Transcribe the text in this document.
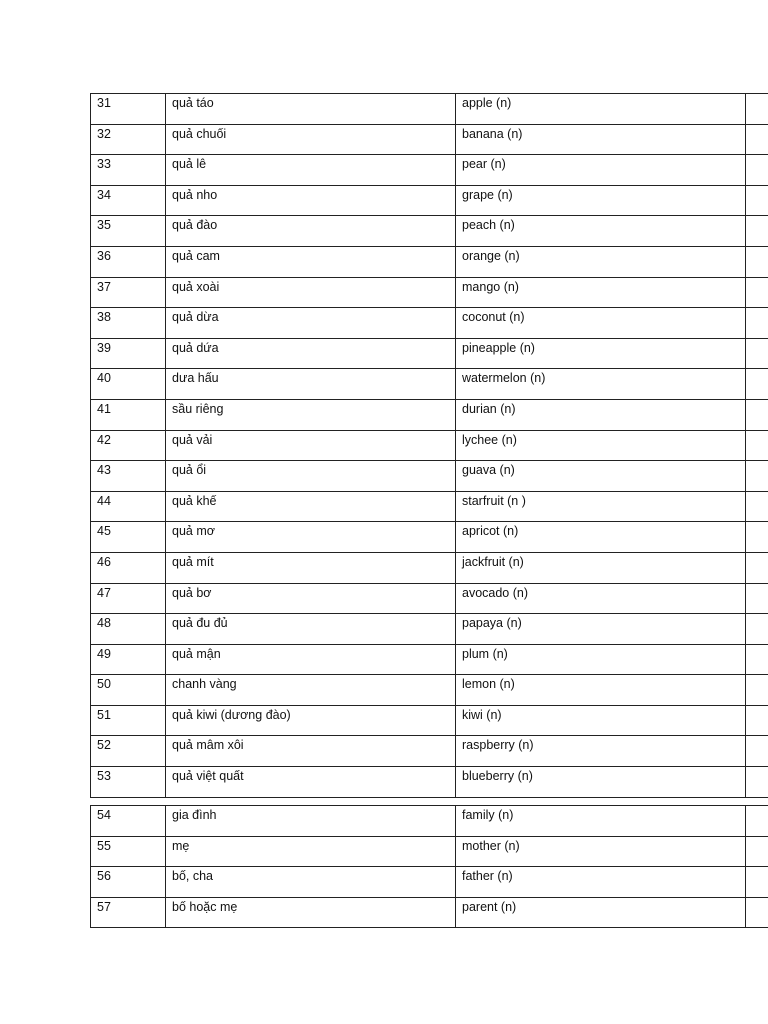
31	quả táo	apple (n)	
32	quả chuối	banana (n)	
33	quả lê	pear (n)	
34	quả nho	grape (n)	
35	quả đào	peach (n)	
36	quả cam	orange (n)	
37	quả xoài	mango (n)	
38	quả dừa	coconut (n)	
39	quả dứa	pineapple (n)	
40	dưa hấu	watermelon (n)	
41	sầu riêng	durian (n)	
42	quả vải	lychee (n)	
43	quả ổi	guava (n)	
44	quả khế	starfruit (n )	
45	quả mơ	apricot (n)	
46	quả mít	jackfruit (n)	
47	quả bơ	avocado (n)	
48	quả đu đủ	papaya (n)	
49	quả mận	plum (n)	
50	chanh vàng	lemon (n)	
51	quả kiwi (dương đào)	kiwi (n)	
52	quả mâm xôi	raspberry (n)	
53	quả việt quất	blueberry (n)	
54	gia đình	family (n)	
55	mẹ	mother (n)	
56	bố, cha	father (n)	
57	bố hoặc mẹ	parent (n)	
